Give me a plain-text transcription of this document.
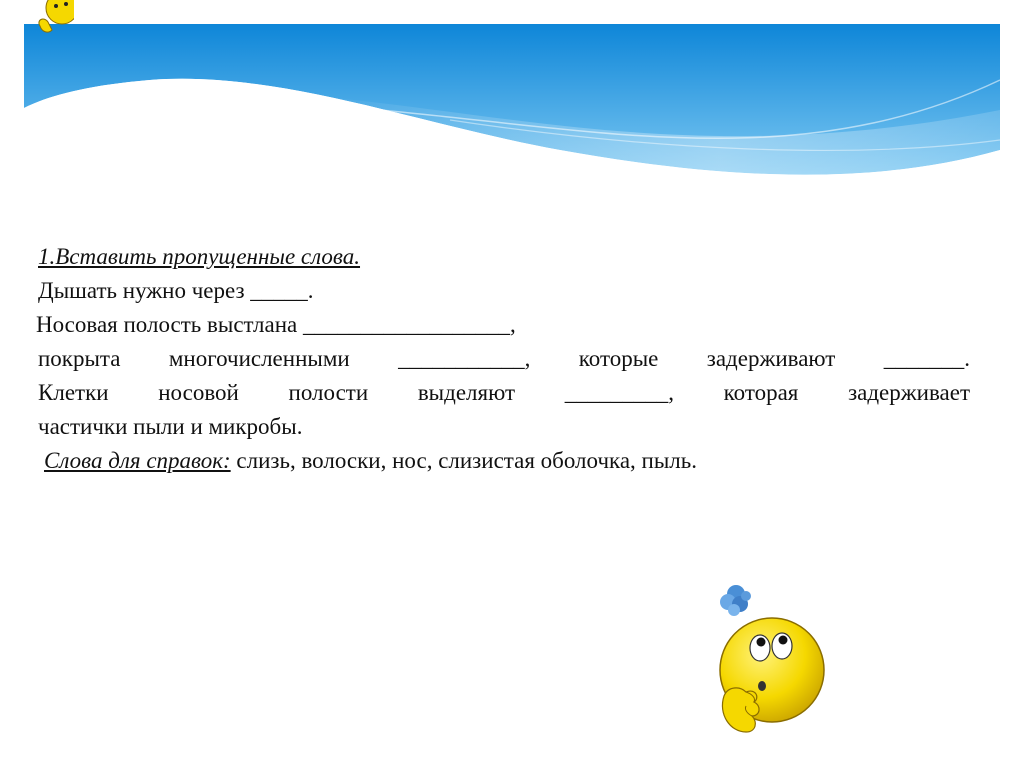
1.Вставить пропущенные слова.
Дышать нужно через _____.
Носовая полость выстлана __________________,
покрыта многочисленными ___________, которые задерживают _______.
Клетки носовой полости выделяют _________, которая задерживает
частички пыли и микробы.
Слова для справок: слизь, волоски, нос, слизистая оболочка, пыль.
